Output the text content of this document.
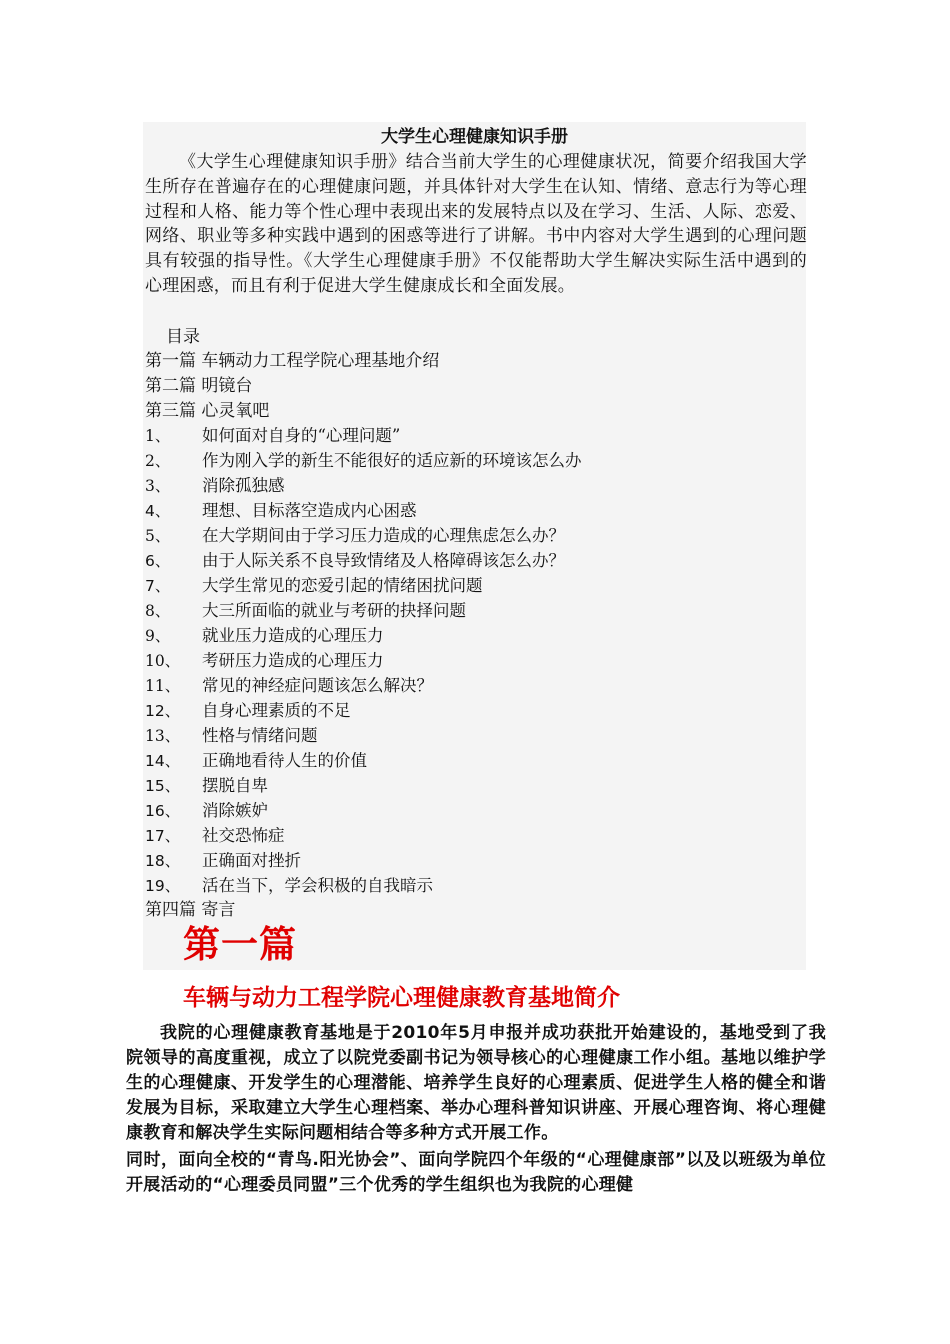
大学生心理健康知识手册
《大学生心理健康知识手册》结合当前大学生的心理健康状况，简要介绍我国大学生所存在普遍存在的心理健康问题，并具体针对大学生在认知、情绪、意志行为等心理过程和人格、能力等个性心理中表现出来的发展特点以及在学习、生活、人际、恋爱、网络、职业等多种实践中遇到的困惑等进行了讲解。书中内容对大学生遇到的心理问题具有较强的指导性。《大学生心理健康手册》不仅能帮助大学生解决实际生活中遇到的心理困惑，而且有利于促进大学生健康成长和全面发展。
目录
第一篇 车辆动力工程学院心理基地介绍
第二篇 明镜台
第三篇 心灵氧吧
1、 如何面对自身的“心理问题”
2、 作为刚入学的新生不能很好的适应新的环境该怎么办
3、 消除孤独感
4、 理想、目标落空造成内心困惑
5、 在大学期间由于学习压力造成的心理焦虑怎么办？
6、 由于人际关系不良导致情绪及人格障碍该怎么办？
7、 大学生常见的恋爱引起的情绪困扰问题
8、 大三所面临的就业与考研的抉择问题
9、 就业压力造成的心理压力
10、 考研压力造成的心理压力
11、 常见的神经症问题该怎么解决？
12、 自身心理素质的不足
13、 性格与情绪问题
14、 正确地看待人生的价值
15、 摆脱自卑
16、 消除嫉妒
17、 社交恐怖症
18、 正确面对挫折
19、 活在当下，学会积极的自我暗示
第四篇 寄言
第一篇
车辆与动力工程学院心理健康教育基地简介
我院的心理健康教育基地是于2010年5月申报并成功获批开始建设的，基地受到了我院领导的高度重视，成立了以院党委副书记为领导核心的心理健康工作小组。基地以维护学生的心理健康、开发学生的心理潜能、培养学生良好的心理素质、促进学生人格的健全和谐发展为目标，采取建立大学生心理档案、举办心理科普知识讲座、开展心理咨询、将心理健康教育和解决学生实际问题相结合等多种方式开展工作。
同时，面向全校的“青鸟.阳光协会”、面向学院四个年级的“心理健康部”以及以班级为单位开展活动的“心理委员同盟”三个优秀的学生组织也为我院的心理健
